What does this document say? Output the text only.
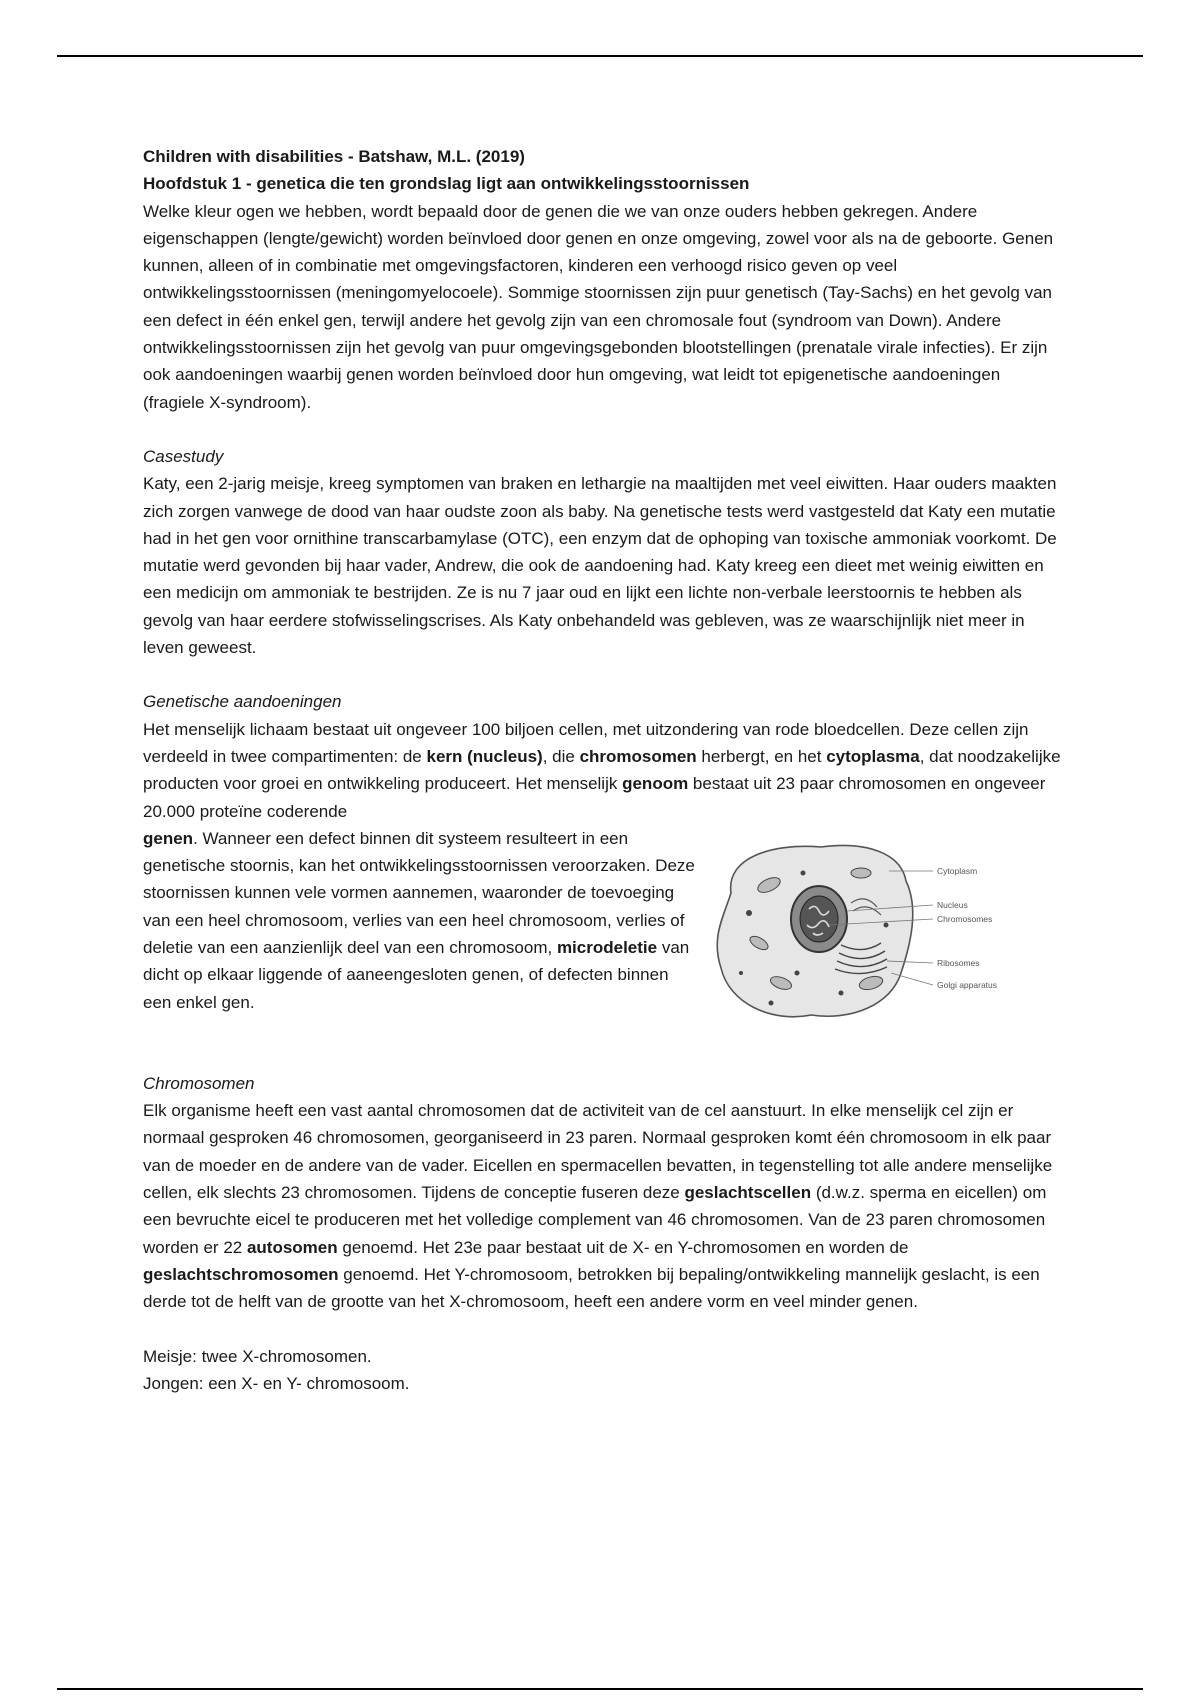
Children with disabilities - Batshaw, M.L. (2019)
Hoofdstuk 1 - genetica die ten grondslag ligt aan ontwikkelingsstoornissen

Welke kleur ogen we hebben, wordt bepaald door de genen die we van onze ouders hebben gekregen. Andere eigenschappen (lengte/gewicht) worden beïnvloed door genen en onze omgeving, zowel voor als na de geboorte. Genen kunnen, alleen of in combinatie met omgevingsfactoren, kinderen een verhoogd risico geven op veel ontwikkelingsstoornissen (meningomyelocoele). Sommige stoornissen zijn puur genetisch (Tay-Sachs) en het gevolg van een defect in één enkel gen, terwijl andere het gevolg zijn van een chromosale fout (syndroom van Down). Andere ontwikkelingsstoornissen zijn het gevolg van puur omgevingsgebonden blootstellingen (prenatale virale infecties). Er zijn ook aandoeningen waarbij genen worden beïnvloed door hun omgeving, wat leidt tot epigenetische aandoeningen (fragiele X-syndroom).

Casestudy

Katy, een 2-jarig meisje, kreeg symptomen van braken en lethargie na maaltijden met veel eiwitten. Haar ouders maakten zich zorgen vanwege de dood van haar oudste zoon als baby. Na genetische tests werd vastgesteld dat Katy een mutatie had in het gen voor ornithine transcarbamylase (OTC), een enzym dat de ophoping van toxische ammoniak voorkomt. De mutatie werd gevonden bij haar vader, Andrew, die ook de aandoening had. Katy kreeg een dieet met weinig eiwitten en een medicijn om ammoniak te bestrijden. Ze is nu 7 jaar oud en lijkt een lichte non-verbale leerstoornis te hebben als gevolg van haar eerdere stofwisselingscrises. Als Katy onbehandeld was gebleven, was ze waarschijnlijk niet meer in leven geweest.

Genetische aandoeningen

Het menselijk lichaam bestaat uit ongeveer 100 biljoen cellen, met uitzondering van rode bloedcellen. Deze cellen zijn verdeeld in twee compartimenten: de kern (nucleus), die chromosomen herbergt, en het cytoplasma, dat noodzakelijke producten voor groei en ontwikkeling produceert. Het menselijk genoom bestaat uit 23 paar chromosomen en ongeveer 20.000 proteïne coderende

genen. Wanneer een defect binnen dit systeem resulteert in een genetische stoornis, kan het ontwikkelingsstoornissen veroorzaken. Deze stoornissen kunnen vele vormen aannemen, waaronder de toevoeging van een heel chromosoom, verlies van een heel chromosoom, verlies of deletie van een aanzienlijk deel van een chromosoom, microdeletie van dicht op elkaar liggende of aaneengesloten genen, of defecten binnen een enkel gen.

Cytoplasm
Nucleus
Chromosomes
Ribosomes
Golgi apparatus

Chromosomen

Elk organisme heeft een vast aantal chromosomen dat de activiteit van de cel aanstuurt. In elke menselijk cel zijn er normaal gesproken 46 chromosomen, georganiseerd in 23 paren. Normaal gesproken komt één chromosoom in elk paar van de moeder en de andere van de vader. Eicellen en spermacellen bevatten, in tegenstelling tot alle andere menselijke cellen, elk slechts 23 chromosomen. Tijdens de conceptie fuseren deze geslachtscellen (d.w.z. sperma en eicellen) om een bevruchte eicel te produceren met het volledige complement van 46 chromosomen. Van de 23 paren chromosomen worden er 22 autosomen genoemd. Het 23e paar bestaat uit de X- en Y-chromosomen en worden de geslachtschromosomen genoemd. Het Y-chromosoom, betrokken bij bepaling/ontwikkeling mannelijk geslacht, is een derde tot de helft van de grootte van het X-chromosoom, heeft een andere vorm en veel minder genen.

Meisje: twee X-chromosomen.

Jongen: een X- en Y- chromosoom.
